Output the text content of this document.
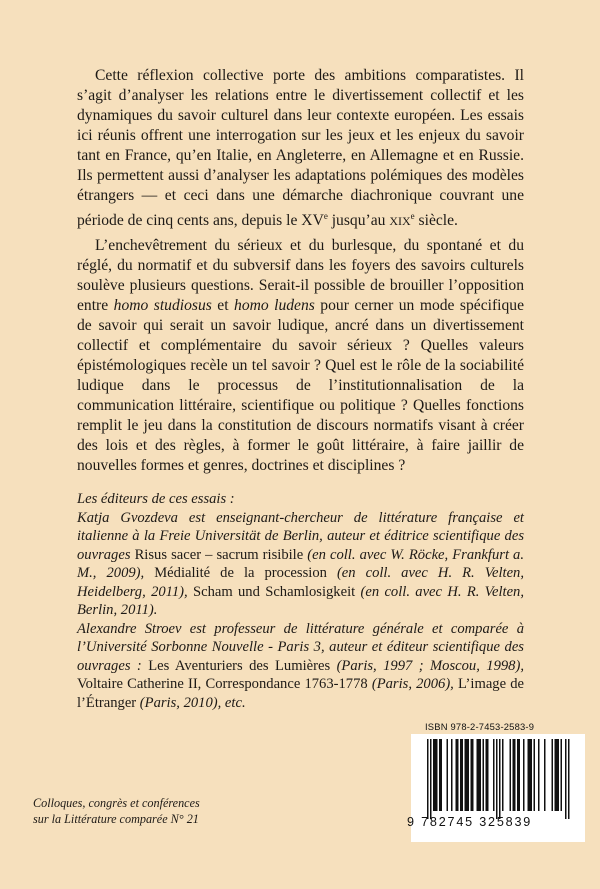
Cette réflexion collective porte des ambitions comparatistes. Il s’agit d’analyser les relations entre le divertissement collectif et les dynamiques du savoir culturel dans leur contexte européen. Les essais ici réunis offrent une interrogation sur les jeux et les enjeux du savoir tant en France, qu’en Italie, en Angleterre, en Allemagne et en Russie. Ils permettent aussi d’analyser les adaptations polémiques des modèles étrangers — et ceci dans une démarche diachronique couvrant une période de cinq cents ans, depuis le XVe jusqu’au XIXe siècle.

L’enchevêtrement du sérieux et du burlesque, du spontané et du réglé, du normatif et du subversif dans les foyers des savoirs culturels soulève plusieurs questions. Serait-il possible de brouiller l’opposition entre homo studiosus et homo ludens pour cerner un mode spécifique de savoir qui serait un savoir ludique, ancré dans un divertissement collectif et complémentaire du savoir sérieux ? Quelles valeurs épistémologiques recèle un tel savoir ? Quel est le rôle de la sociabilité ludique dans le processus de l’institutionnalisation de la communication littéraire, scientifique ou politique ? Quelles fonctions remplit le jeu dans la constitution de discours normatifs visant à créer des lois et des règles, à former le goût littéraire, à faire jaillir de nouvelles formes et genres, doctrines et disciplines ?

Les éditeurs de ces essais :

Katja Gvozdeva est enseignant-chercheur de littérature française et italienne à la Freie Universität de Berlin, auteur et éditrice scientifique des ouvrages Risus sacer – sacrum risibile (en coll. avec W. Röcke, Frankfurt a. M., 2009), Médialité de la procession (en coll. avec H. R. Velten, Heidelberg, 2011), Scham und Schamlosigkeit (en coll. avec H. R. Velten, Berlin, 2011).

Alexandre Stroev est professeur de littérature générale et comparée à l’Université Sorbonne Nouvelle - Paris 3, auteur et éditeur scientifique des ouvrages : Les Aventuriers des Lumières (Paris, 1997 ; Moscou, 1998), Voltaire Catherine II, Correspondance 1763-1778 (Paris, 2006), L’image de l’Étranger (Paris, 2010), etc.

Colloques, congrès et conférences
sur la Littérature comparée N° 21
ISBN 978-2-7453-2583-9
9 782745 325839
